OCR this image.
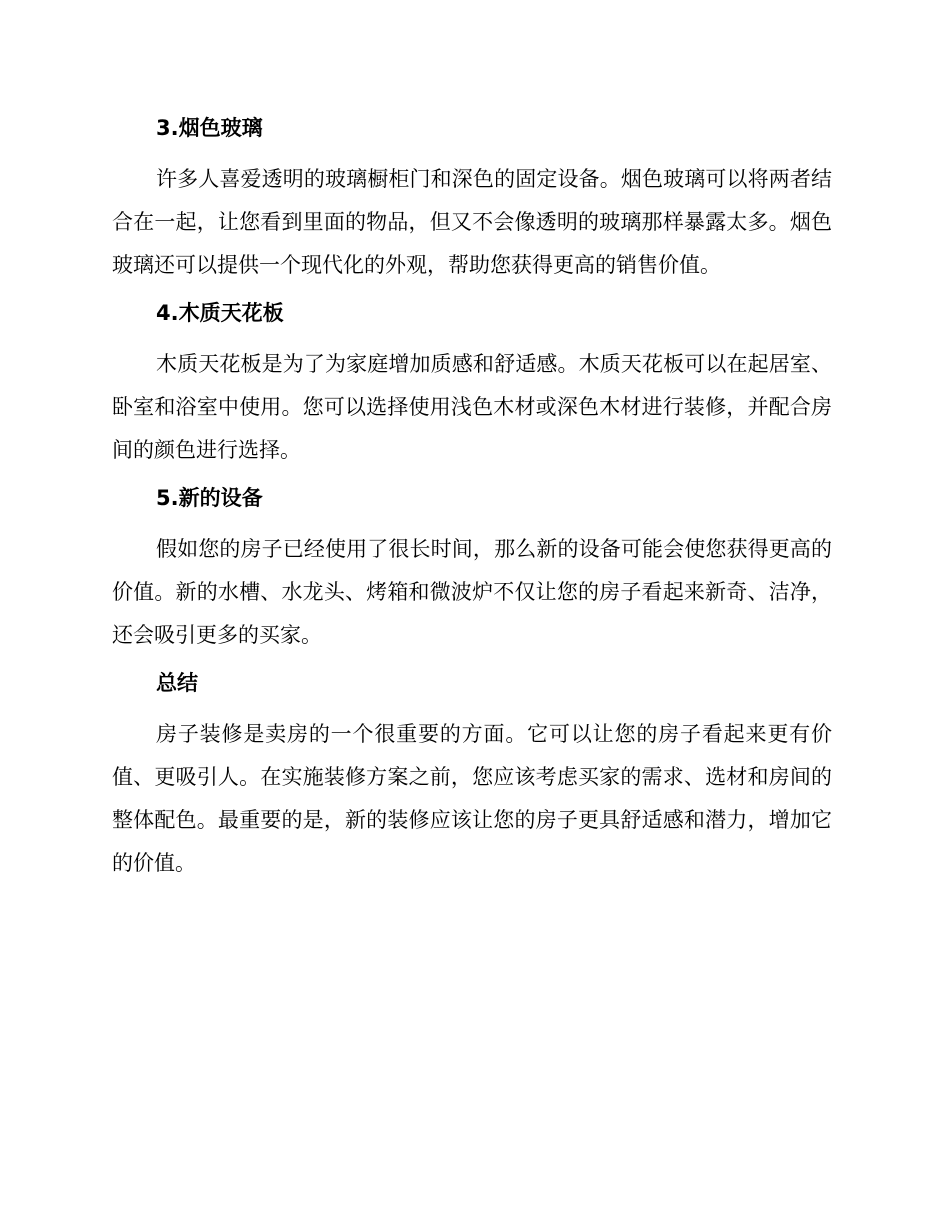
3.烟色玻璃

许多人喜爱透明的玻璃橱柜门和深色的固定设备。烟色玻璃可以将两者结合在一起，让您看到里面的物品，但又不会像透明的玻璃那样暴露太多。烟色玻璃还可以提供一个现代化的外观，帮助您获得更高的销售价值。

4.木质天花板

木质天花板是为了为家庭增加质感和舒适感。木质天花板可以在起居室、卧室和浴室中使用。您可以选择使用浅色木材或深色木材进行装修，并配合房间的颜色进行选择。

5.新的设备

假如您的房子已经使用了很长时间，那么新的设备可能会使您获得更高的价值。新的水槽、水龙头、烤箱和微波炉不仅让您的房子看起来新奇、洁净，还会吸引更多的买家。

总结

房子装修是卖房的一个很重要的方面。它可以让您的房子看起来更有价值、更吸引人。在实施装修方案之前，您应该考虑买家的需求、选材和房间的整体配色。最重要的是，新的装修应该让您的房子更具舒适感和潜力，增加它的价值。
